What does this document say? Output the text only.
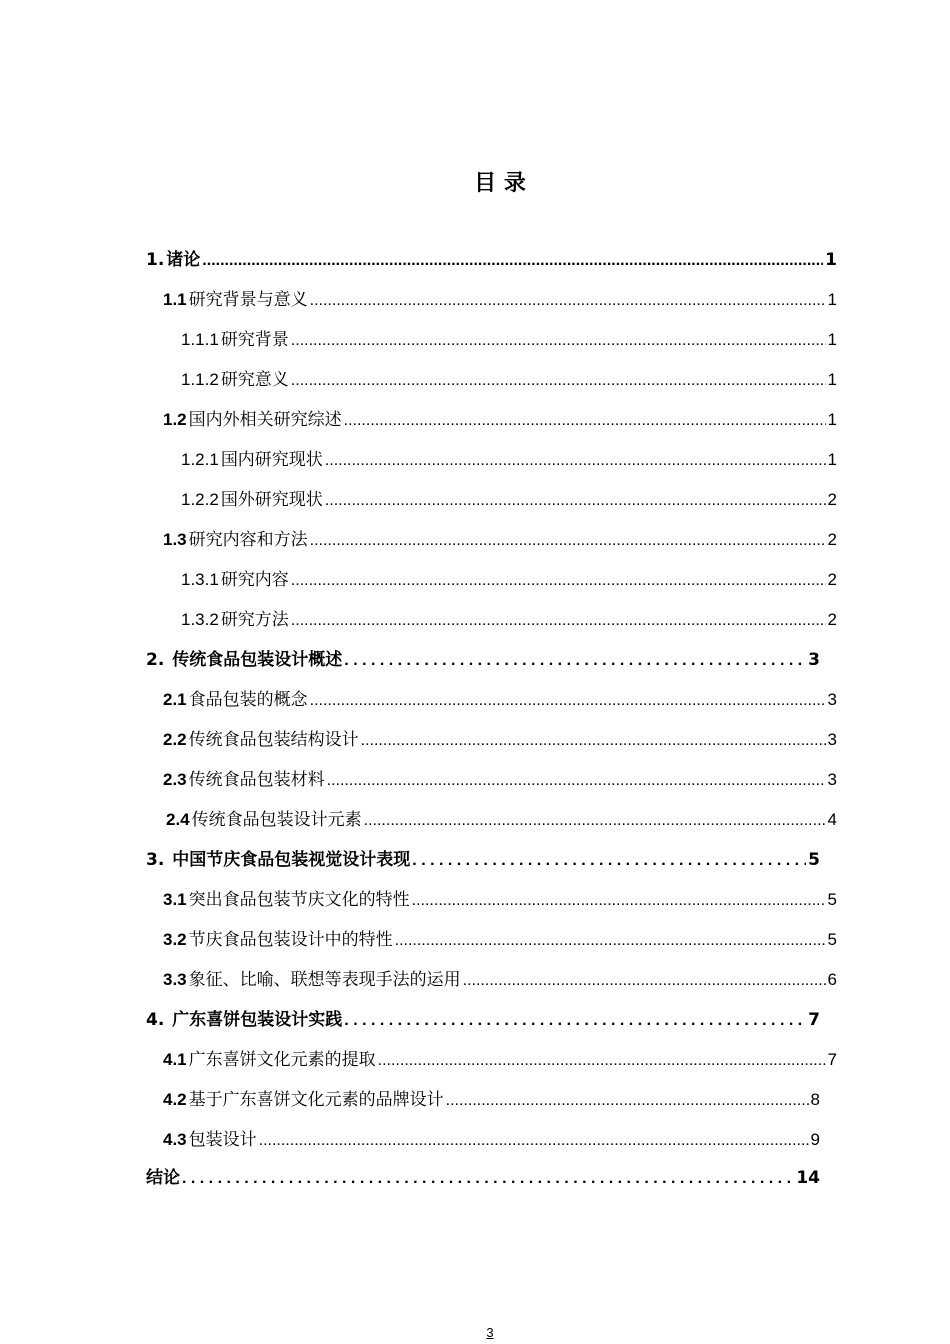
目 录
1. 诸论 .....	1
1.1 研究背景与意义 .....	1
1.1.1 研究背景 .....	1
1.1.2 研究意义 .....	1
1.2 国内外相关研究综述 .....	1
1.2.1 国内研究现状 .....	1
1.2.2 国外研究现状 .....	2
1.3 研究内容和方法 .....	2
1.3.1 研究内容 .....	2
1.3.2 研究方法 .....	2
2. 传统食品包装设计概述 . . .	3
2.1 食品包装的概念 .....	3
2.2 传统食品包装结构设计 .....	3
2.3 传统食品包装材料 .....	3
2.4 传统食品包装设计元素 .....	4
3. 中国节庆食品包装视觉设计表现 . . .	5
3.1 突出食品包装节庆文化的特性 .....	5
3.2 节庆食品包装设计中的特性 .....	5
3.3 象征、比喻、联想等表现手法的运用 .....	6
4. 广东喜饼包装设计实践 . . .	7
4.1 广东喜饼文化元素的提取 .....	7
4.2 基于广东喜饼文化元素的品牌设计 .....	8
4.3 包装设计 .....	9
结论 . . .	14
3
